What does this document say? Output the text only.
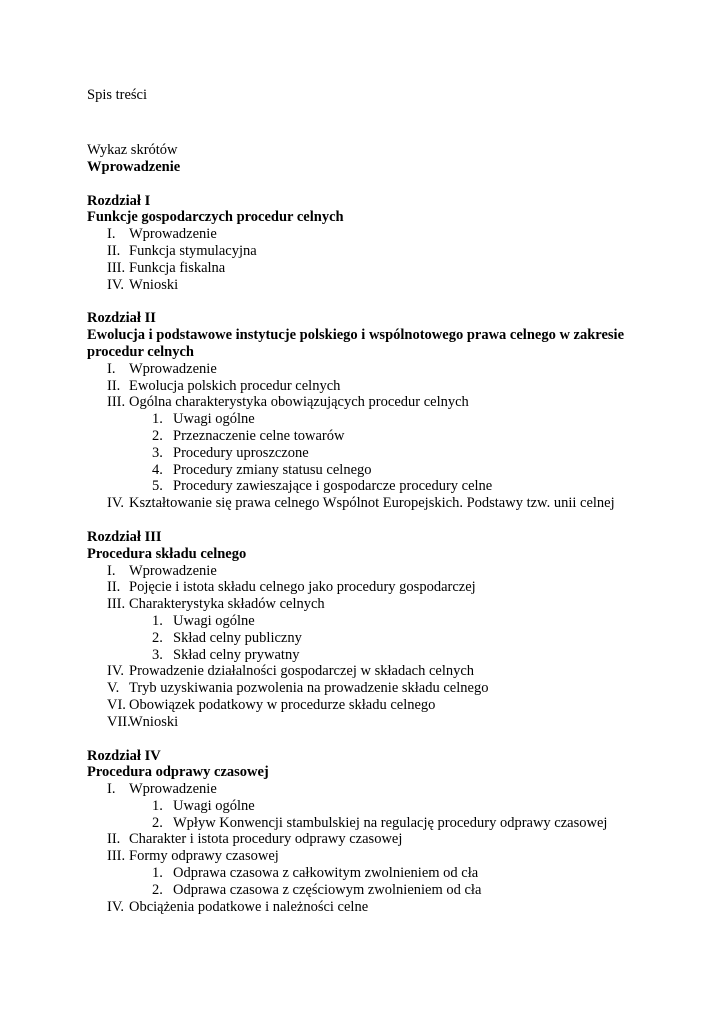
Spis treści
Wykaz skrótów
Wprowadzenie
Rozdział I
Funkcje gospodarczych procedur celnych
I. Wprowadzenie
II. Funkcja stymulacyjna
III. Funkcja fiskalna
IV. Wnioski
Rozdział II
Ewolucja i podstawowe instytucje polskiego i wspólnotowego prawa celnego w zakresie procedur celnych
I. Wprowadzenie
II. Ewolucja polskich procedur celnych
III. Ogólna charakterystyka obowiązujących procedur celnych
1. Uwagi ogólne
2. Przeznaczenie celne towarów
3. Procedury uproszczone
4. Procedury zmiany statusu celnego
5. Procedury zawieszające i gospodarcze procedury celne
IV. Kształtowanie się prawa celnego Wspólnot Europejskich. Podstawy tzw. unii celnej
Rozdział III
Procedura składu celnego
I. Wprowadzenie
II. Pojęcie i istota składu celnego jako procedury gospodarczej
III. Charakterystyka składów celnych
1. Uwagi ogólne
2. Skład celny publiczny
3. Skład celny prywatny
IV. Prowadzenie działalności gospodarczej w składach celnych
V. Tryb uzyskiwania pozwolenia na prowadzenie składu celnego
VI. Obowiązek podatkowy w procedurze składu celnego
VII.
Wnioski
Rozdział IV
Procedura odprawy czasowej
I. Wprowadzenie
1. Uwagi ogólne
2. Wpływ Konwencji stambulskiej na regulację procedury odprawy czasowej
II. Charakter i istota procedury odprawy czasowej
III. Formy odprawy czasowej
1. Odprawa czasowa z całkowitym zwolnieniem od cła
2. Odprawa czasowa z częściowym zwolnieniem od cła
IV. Obciążenia podatkowe i należności celne
